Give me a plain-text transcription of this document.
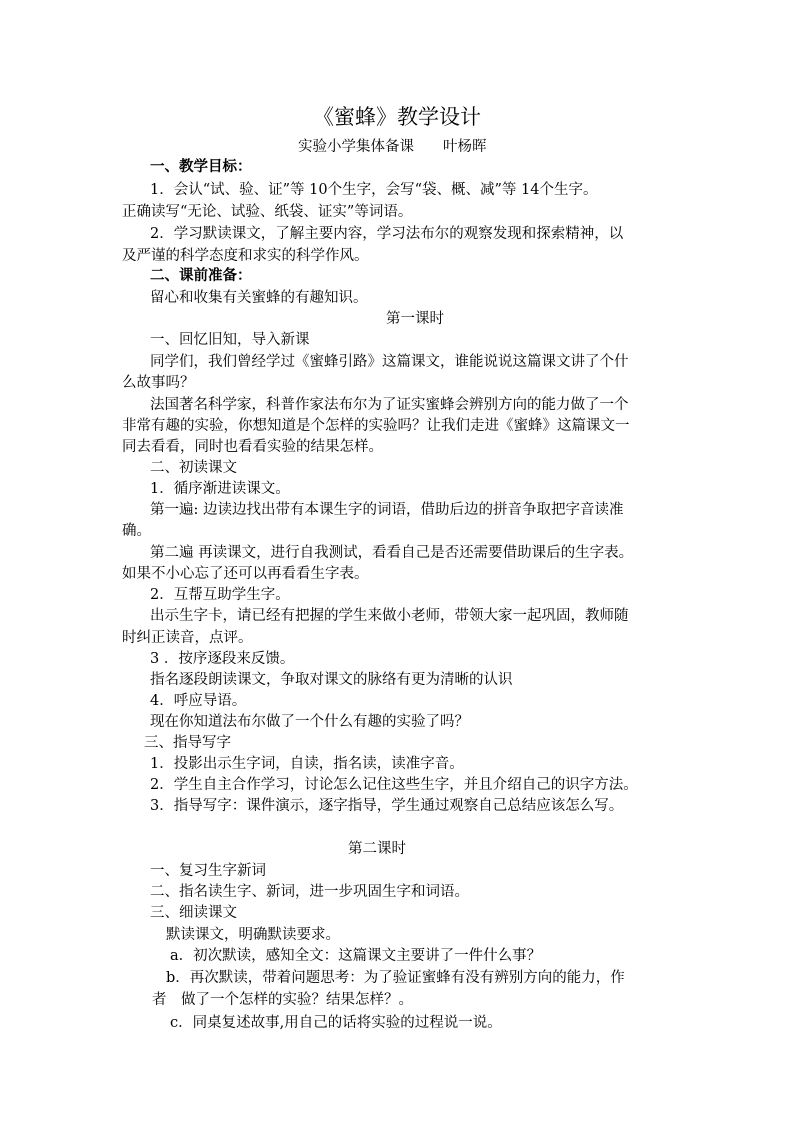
《蜜蜂》教学设计
实验小学集体备课　　叶杨晖
一、教学目标：
1．会认“试、验、证”等 10个生字，会写“袋、概、减”等 14个生字。
正确读写“无论、试验、纸袋、证实”等词语。
2．学习默读课文，了解主要内容，学习法布尔的观察发现和探索精神，以
及严谨的科学态度和求实的科学作风。
二、课前准备：
留心和收集有关蜜蜂的有趣知识。
第一课时
一、回忆旧知，导入新课
同学们，我们曾经学过《蜜蜂引路》这篇课文，谁能说说这篇课文讲了个什
么故事吗？
法国著名科学家，科普作家法布尔为了证实蜜蜂会辨别方向的能力做了一个
非常有趣的实验，你想知道是个怎样的实验吗？让我们走进《蜜蜂》这篇课文一
同去看看，同时也看看实验的结果怎样。
二、初读课文
1．循序渐进读课文。
第一遍: 边读边找出带有本课生字的词语，借助后边的拼音争取把字音读准
确。
第二遍 再读课文，进行自我测试，看看自己是否还需要借助课后的生字表。
如果不小心忘了还可以再看看生字表。
2．互帮互助学生字。
出示生字卡，请已经有把握的学生来做小老师，带领大家一起巩固，教师随
时纠正读音，点评。
3 ．按序逐段来反馈。
指名逐段朗读课文，争取对课文的脉络有更为清晰的认识
4．呼应导语。
现在你知道法布尔做了一个什么有趣的实验了吗？
三、指导写字
1．投影出示生字词，自读，指名读，读准字音。
2．学生自主合作学习，讨论怎么记住这些生字，并且介绍自己的识字方法。
3．指导写字：课件演示，逐字指导，学生通过观察自己总结应该怎么写。
第二课时
一、复习生字新词
二、指名读生字、新词，进一步巩固生字和词语。
三、细读课文
默读课文，明确默读要求。
a．初次默读，感知全文：这篇课文主要讲了一件什么事？
b．再次默读，带着问题思考：为了验证蜜蜂有没有辨别方向的能力，作
者　做了一个怎样的实验？结果怎样？。
c．同桌复述故事,用自己的话将实验的过程说一说。
